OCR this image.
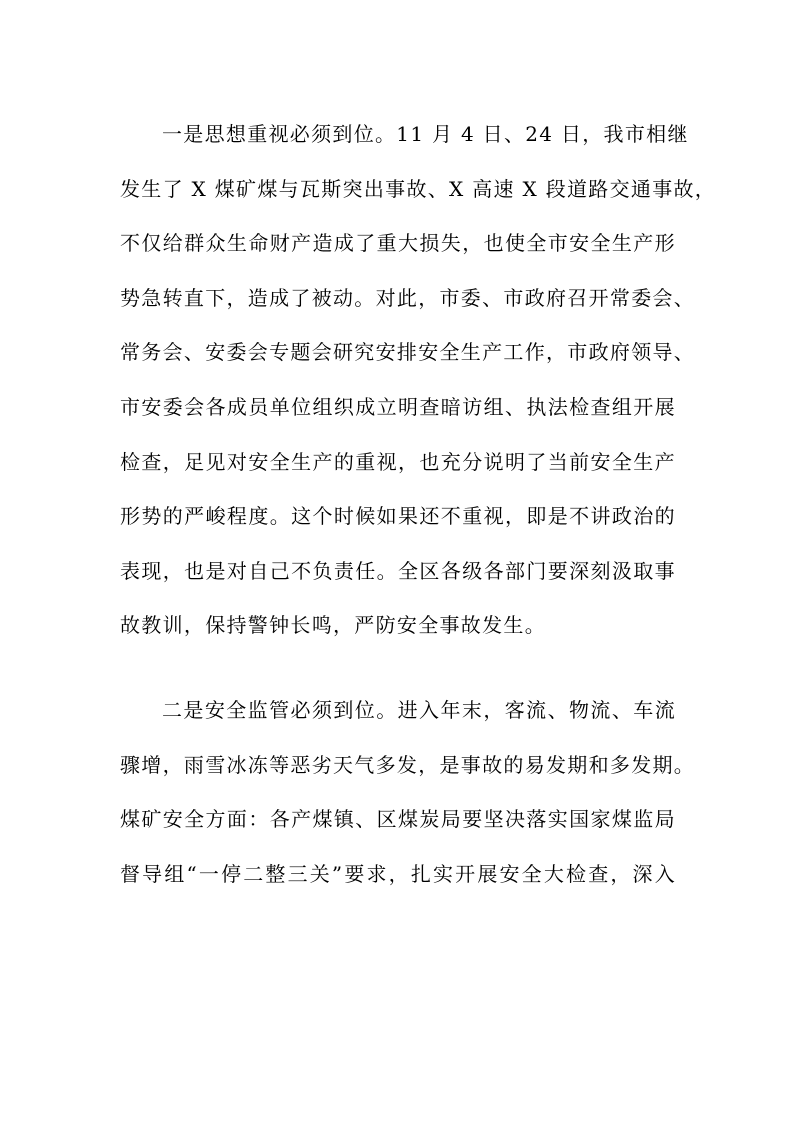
一是思想重视必须到位。11 月 4 日、24 日，我市相继
发生了 X 煤矿煤与瓦斯突出事故、X 高速 X 段道路交通事故，
不仅给群众生命财产造成了重大损失，也使全市安全生产形
势急转直下，造成了被动。对此，市委、市政府召开常委会、
常务会、安委会专题会研究安排安全生产工作，市政府领导、
市安委会各成员单位组织成立明查暗访组、执法检查组开展
检查，足见对安全生产的重视，也充分说明了当前安全生产
形势的严峻程度。这个时候如果还不重视，即是不讲政治的
表现，也是对自己不负责任。全区各级各部门要深刻汲取事
故教训，保持警钟长鸣，严防安全事故发生。
二是安全监管必须到位。进入年末，客流、物流、车流
骤增，雨雪冰冻等恶劣天气多发，是事故的易发期和多发期。
煤矿安全方面：各产煤镇、区煤炭局要坚决落实国家煤监局
督导组“一停二整三关”要求，扎实开展安全大检查，深入
